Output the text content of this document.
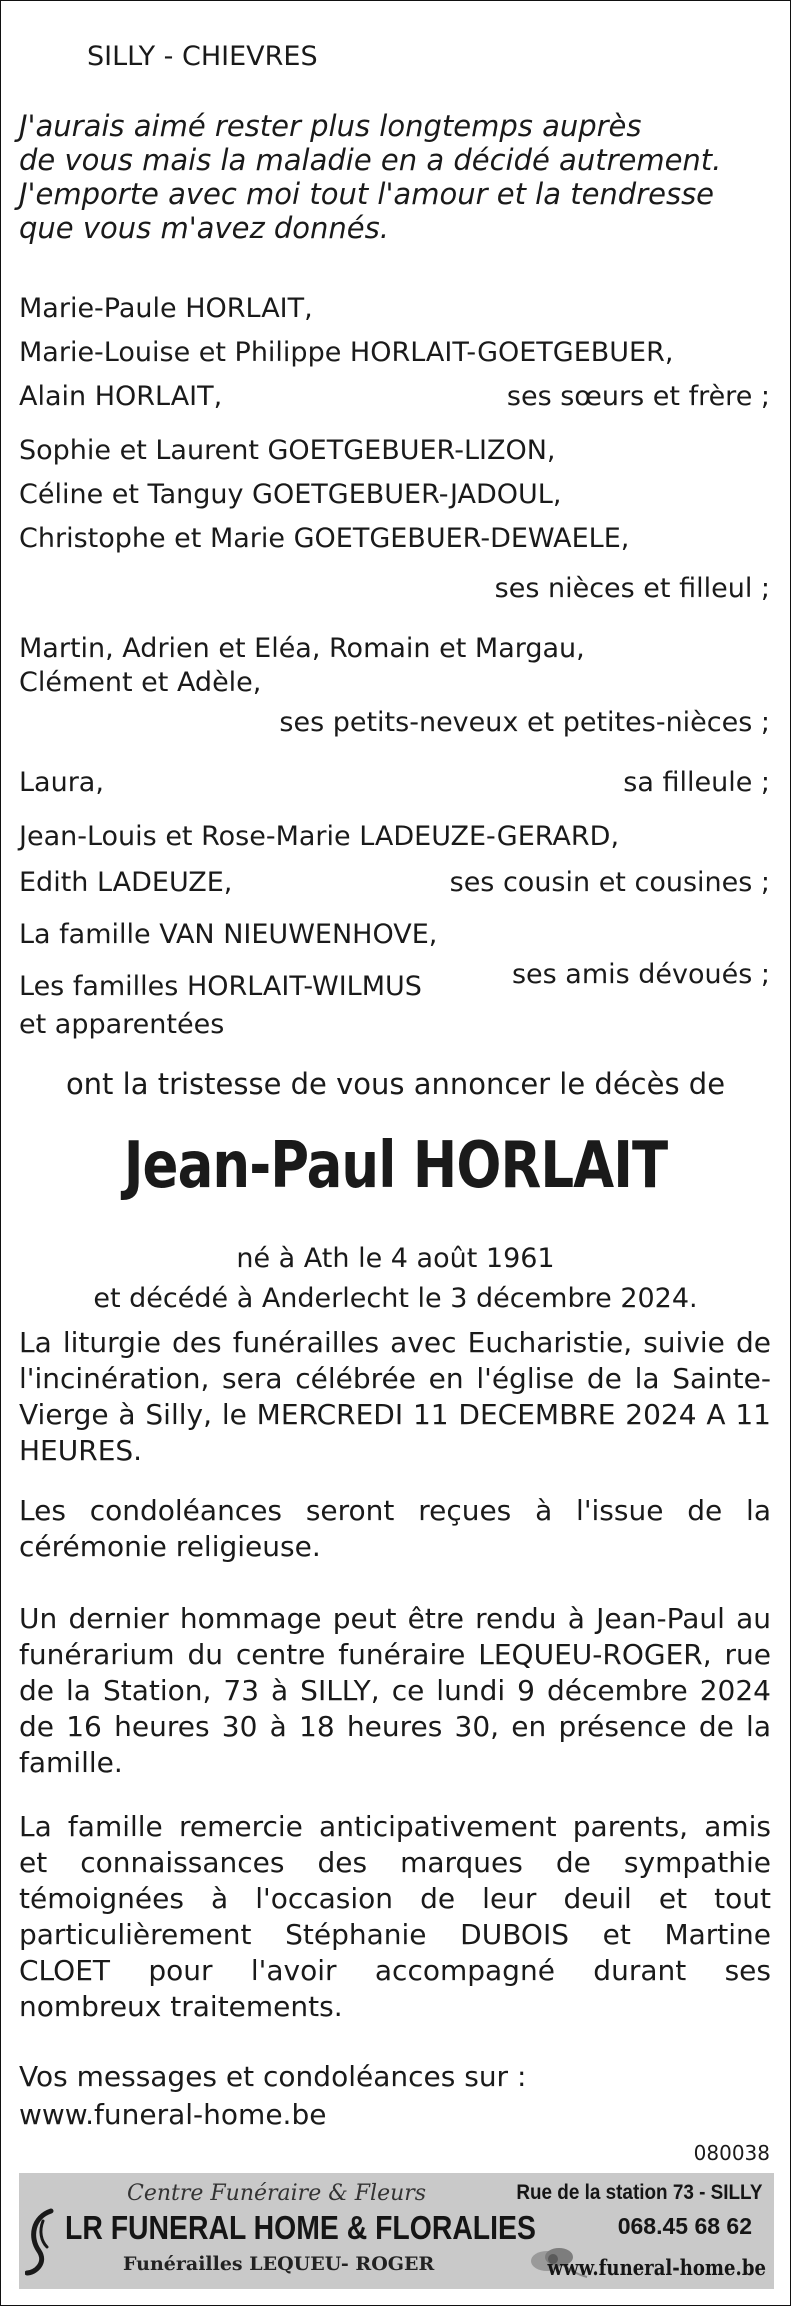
SILLY - CHIEVRES
J'aurais aimé rester plus longtemps auprès
de vous mais la maladie en a décidé autrement.
J'emporte avec moi tout l'amour et la tendresse
que vous m'avez donnés.
Marie-Paule HORLAIT,
Marie-Louise et Philippe HORLAIT-GOETGEBUER,
Alain HORLAIT,	ses sœurs et frère ;
Sophie et Laurent GOETGEBUER-LIZON,
Céline et Tanguy GOETGEBUER-JADOUL,
Christophe et Marie GOETGEBUER-DEWAELE,
ses nièces et filleul ;
Martin, Adrien et Eléa, Romain et Margau,
Clément et Adèle,
ses petits-neveux et petites-nièces ;
Laura,	sa filleule ;
Jean-Louis et Rose-Marie LADEUZE-GERARD,
Edith LADEUZE,	ses cousin et cousines ;
La famille VAN NIEUWENHOVE,
Les familles HORLAIT-WILMUS
et apparentées
ses amis dévoués ;
ont la tristesse de vous annoncer le décès de
Jean-Paul HORLAIT
né à Ath le 4 août 1961
et décédé à Anderlecht le 3 décembre 2024.
La liturgie des funérailles avec Eucharistie, suivie de l'incinération, sera célébrée en l'église de la Sainte-Vierge à Silly, le MERCREDI 11 DECEMBRE 2024 A 11 HEURES.
Les condoléances seront reçues à l'issue de la cérémonie religieuse.
Un dernier hommage peut être rendu à Jean-Paul au funérarium du centre funéraire LEQUEU-ROGER, rue de la Station, 73 à SILLY, ce lundi 9 décembre 2024 de 16 heures 30 à 18 heures 30, en présence de la famille.
La famille remercie anticipativement parents, amis et connaissances des marques de sympathie témoignées à l'occasion de leur deuil et tout particulièrement Stéphanie DUBOIS et Martine CLOET pour l'avoir accompagné durant ses nombreux traitements.
Vos messages et condoléances sur :
www.funeral-home.be
080038
Centre Funéraire & Fleurs
LR FUNERAL HOME & FLORALIES
Funérailles LEQUEU- ROGER
Rue de la station 73 - SILLY
068.45 68 62
www.funeral-home.be
